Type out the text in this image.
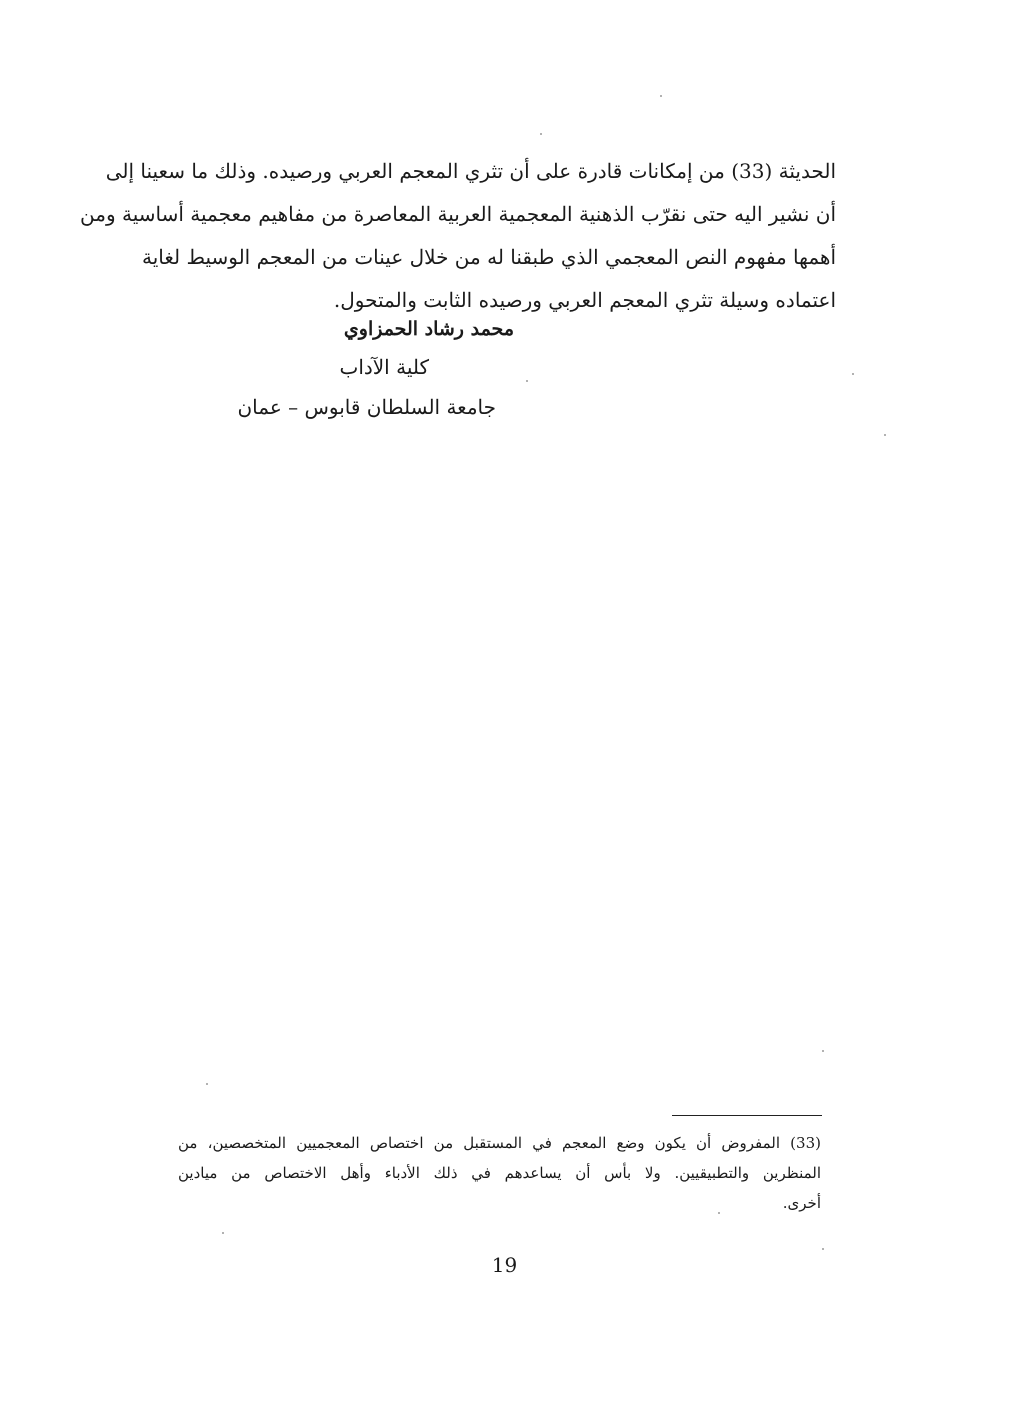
الحديثة (33) من إمكانات قادرة على أن تثري المعجم العربي ورصيده. وذلك ما سعينا إلى
أن نشير اليه حتى نقرّب الذهنية المعجمية العربية المعاصرة من مفاهيم معجمية أساسية ومن
أهمها مفهوم النص المعجمي الذي طبقنا له من خلال عينات من المعجم الوسيط لغاية
اعتماده وسيلة تثري المعجم العربي ورصيده الثابت والمتحول.
محمد رشاد الحمزاوي
كلية الآداب
جامعة السلطان قابوس – عمان
(33) المفروض أن يكون وضع المعجم في المستقبل من اختصاص المعجميين المتخصصين، من
المنظرين والتطبيقيين. ولا بأس أن يساعدهم في ذلك الأدباء وأهل الاختصاص من ميادين
أخرى.
19
